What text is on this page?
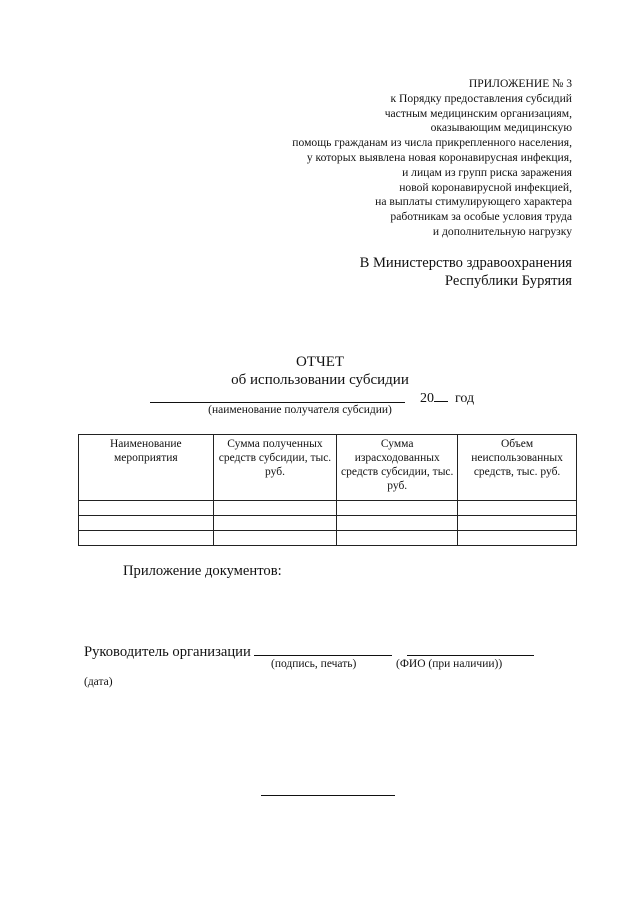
ПРИЛОЖЕНИЕ № 3
к Порядку предоставления субсидий
частным медицинским организациям,
оказывающим медицинскую
помощь гражданам из числа прикрепленного населения,
у которых выявлена новая коронавирусная инфекция,
и лицам из групп риска заражения
новой коронавирусной инфекцией,
на выплаты стимулирующего характера
работникам за особые условия труда
и дополнительную нагрузку
В Министерство здравоохранения
Республики Бурятия
ОТЧЕТ
об использовании субсидии
20 год
(наименование получателя субсидии)
Наименование мероприятия	Сумма полученных средств субсидии, тыс. руб.	Сумма израсходованных средств субсидии, тыс. руб.	Объем неиспользованных средств, тыс. руб.

Приложение документов:
Руководитель организации
(подпись, печать)	(ФИО (при наличии))
(дата)
